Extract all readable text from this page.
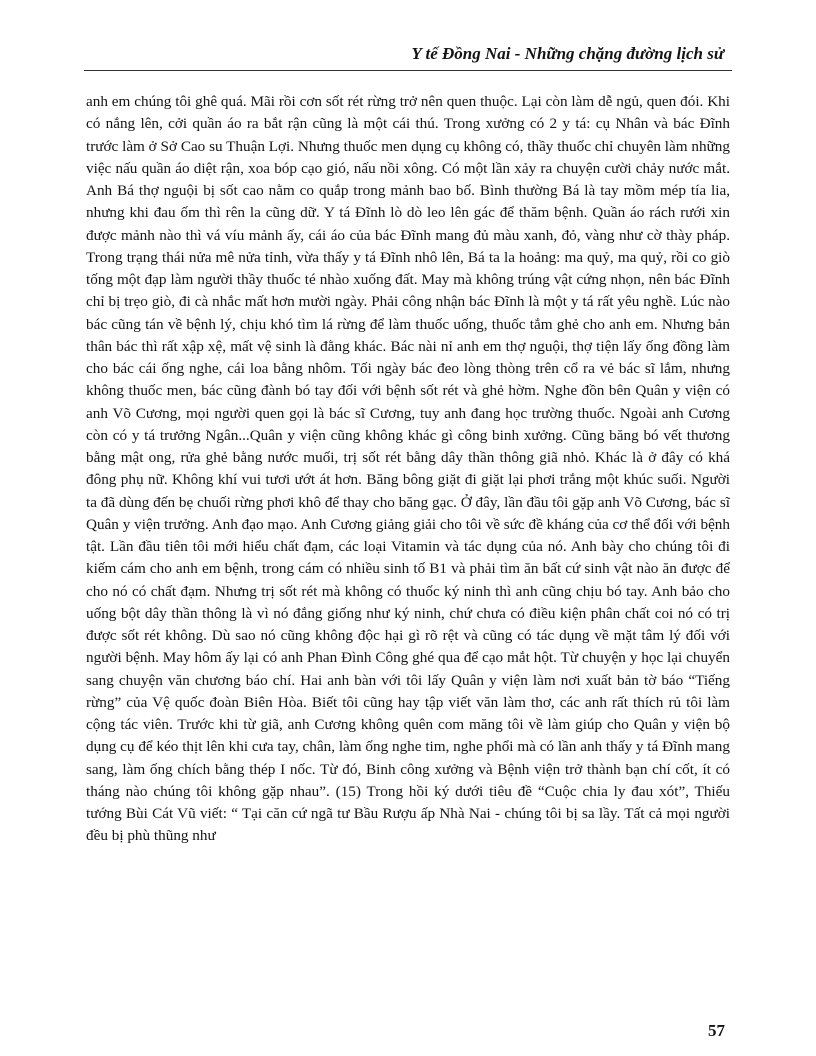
Y tế Đồng Nai - Những chặng đường lịch sử

anh em chúng tôi ghê quá. Mãi rồi cơn sốt rét rừng trở nên quen thuộc. Lại còn làm dễ ngủ, quen đói. Khi có nắng lên, cởi quần áo ra bắt rận cũng là một cái thú. Trong xưởng có 2 y tá: cụ Nhân và bác Đĩnh trước làm ở Sở Cao su Thuận Lợi. Nhưng thuốc men dụng cụ không có, thầy thuốc chỉ chuyên làm những việc nấu quần áo diệt rận, xoa bóp cạo gió, nấu nồi xông. Có một lần xảy ra chuyện cười chảy nước mắt. Anh Bá thợ nguội bị sốt cao nằm co quắp trong mảnh bao bố. Bình thường Bá là tay mồm mép tía lia, nhưng khi đau ốm thì rên la cũng dữ. Y tá Đĩnh lò dò leo lên gác để thăm bệnh. Quần áo rách rưới xin được mảnh nào thì vá víu mảnh ấy, cái áo của bác Đĩnh mang đủ màu xanh, đỏ, vàng như cờ thày pháp. Trong trạng thái nửa mê nửa tỉnh, vừa thấy y tá Đĩnh nhô lên, Bá ta la hoảng: ma quỷ, ma quỷ, rồi co giò tống một đạp làm người thầy thuốc té nhào xuống đất. May mà không trúng vật cứng nhọn, nên bác Đĩnh chỉ bị trẹo giò, đi cà nhắc mất hơn mười ngày. Phải công nhận bác Đĩnh là một y tá rất yêu nghề. Lúc nào bác cũng tán về bệnh lý, chịu khó tìm lá rừng để làm thuốc uống, thuốc tắm ghẻ cho anh em. Nhưng bản thân bác thì rất xập xệ, mất vệ sinh là đằng khác. Bác nài nỉ anh em thợ nguội, thợ tiện lấy ống đồng làm cho bác cái ống nghe, cái loa bằng nhôm. Tối ngày bác đeo lòng thòng trên cổ ra vẻ bác sĩ lắm, nhưng không thuốc men, bác cũng đành bó tay đối với bệnh sốt rét và ghẻ hờm. Nghe đồn bên Quân y viện có anh Võ Cương, mọi người quen gọi là bác sĩ Cương, tuy anh đang học trường thuốc. Ngoài anh Cương còn có y tá trưởng Ngân...Quân y viện cũng không khác gì công binh xưởng. Cũng băng bó vết thương bằng mật ong, rửa ghẻ bằng nước muối, trị sốt rét bằng dây thần thông giã nhỏ. Khác là ở đây có khá đông phụ nữ. Không khí vui tươi ướt át hơn. Băng bông giặt đi giặt lại phơi trắng một khúc suối. Người ta đã dùng đến bẹ chuối rừng phơi khô để thay cho băng gạc. Ở đây, lần đầu tôi gặp anh Võ Cương, bác sĩ Quân y viện trưởng. Anh đạo mạo. Anh Cương giảng giải cho tôi về sức đề kháng của cơ thể đối với bệnh tật. Lần đầu tiên tôi mới hiểu chất đạm, các loại Vitamin và tác dụng của nó. Anh bày cho chúng tôi đi kiếm cám cho anh em bệnh, trong cám có nhiều sinh tố B1 và phải tìm ăn bất cứ sinh vật nào ăn được để cho nó có chất đạm. Nhưng trị sốt rét mà không có thuốc ký ninh thì anh cũng chịu bó tay. Anh bảo cho uống bột dây thần thông là vì nó đắng giống như ký ninh, chứ chưa có điều kiện phân chất coi nó có trị được sốt rét không. Dù sao nó cũng không độc hại gì rõ rệt và cũng có tác dụng về mặt tâm lý đối với người bệnh. May hôm ấy lại có anh Phan Đình Công ghé qua để cạo mắt hột. Từ chuyện y học lại chuyển sang chuyện văn chương báo chí. Hai anh bàn với tôi lấy Quân y viện làm nơi xuất bản tờ báo “Tiếng rừng” của Vệ quốc đoàn Biên Hòa. Biết tôi cũng hay tập viết văn làm thơ, các anh rất thích rủ tôi làm cộng tác viên. Trước khi từ giã, anh Cương không quên com măng tôi về làm giúp cho Quân y viện bộ dụng cụ để kéo thịt lên khi cưa tay, chân, làm ống nghe tim, nghe phổi mà có lần anh thấy y tá Đĩnh mang sang, làm ống chích bằng thép I nốc. Từ đó, Binh công xưởng và Bệnh viện trở thành bạn chí cốt, ít có tháng nào chúng tôi không gặp nhau”. (15) Trong hồi ký dưới tiêu đề “Cuộc chia ly đau xót”, Thiếu tướng Bùi Cát Vũ viết: “ Tại căn cứ ngã tư Bầu Rượu ấp Nhà Nai - chúng tôi bị sa lầy. Tất cả mọi người đều bị phù thũng như

57
